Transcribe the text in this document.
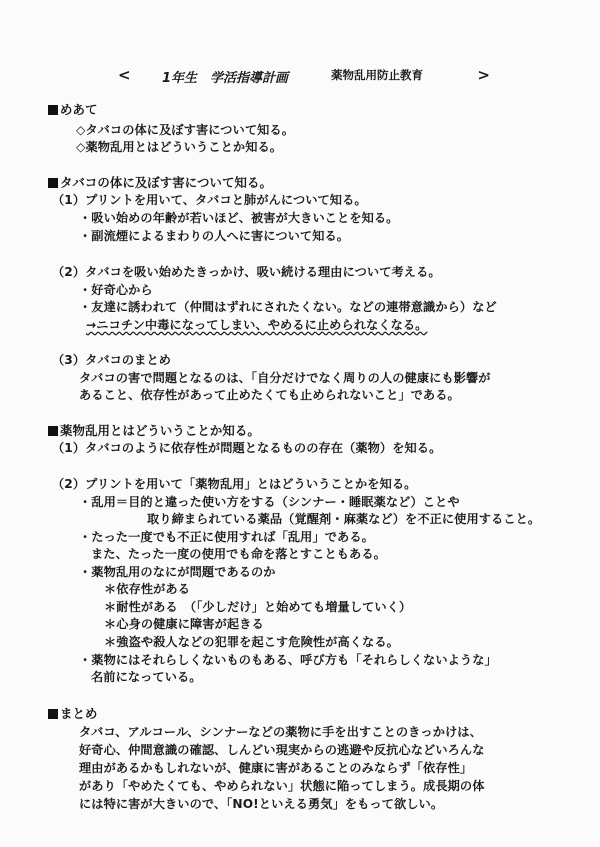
< 1年生　学活指導計画	薬物乱用防止教育	>
めあて
◇タバコの体に及ぼす害について知る。
◇薬物乱用とはどういうことか知る。
タバコの体に及ぼす害について知る。
（1）プリントを用いて、タバコと肺がんについて知る。
・吸い始めの年齢が若いほど、被害が大きいことを知る。
・副流煙によるまわりの人へに害について知る。
（2）タバコを吸い始めたきっかけ、吸い続ける理由について考える。
・好奇心から
・友達に誘われて（仲間はずれにされたくない。などの連帯意識から）など
→ニコチン中毒になってしまい、やめるに止められなくなる。
（3）タバコのまとめ
タバコの害で問題となるのは、「自分だけでなく周りの人の健康にも影響が
あること、依存性があって止めたくても止められないこと」である。
薬物乱用とはどういうことか知る。
（1）タバコのように依存性が問題となるものの存在（薬物）を知る。
（2）プリントを用いて「薬物乱用」とはどういうことかを知る。
・乱用＝目的と違った使い方をする（シンナー・睡眠薬など）ことや
取り締まられている薬品（覚醒剤・麻薬など）を不正に使用すること。
・たった一度でも不正に使用すれば「乱用」である。
また、たった一度の使用でも命を落とすこともある。
・薬物乱用のなにが問題であるのか
＊依存性がある
＊耐性がある　（「少しだけ」と始めても増量していく）
＊心身の健康に障害が起きる
＊強盗や殺人などの犯罪を起こす危険性が高くなる。
・薬物にはそれらしくないものもある、呼び方も「それらしくないような」
名前になっている。
まとめ
タバコ、アルコール、シンナーなどの薬物に手を出すことのきっかけは、
好奇心、仲間意識の確認、しんどい現実からの逃避や反抗心などいろんな
理由があるかもしれないが、健康に害があることのみならず「依存性」
があり「やめたくても、やめられない」状態に陥ってしまう。成長期の体
には特に害が大きいので、「NO!といえる勇気」をもって欲しい。
